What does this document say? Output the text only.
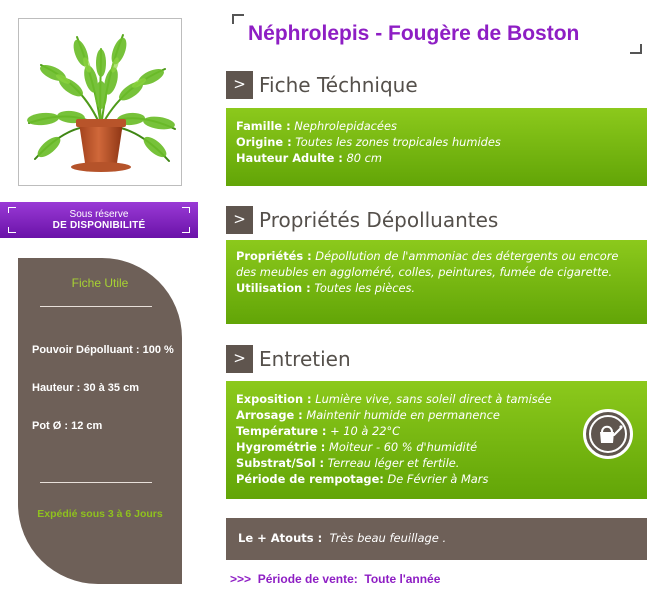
Sous réserve
DE DISPONIBILITÉ
Fiche Utile
Pouvoir Dépolluant : 100 %
Hauteur : 30 à 35 cm
Pot Ø : 12 cm
Expédié sous 3 à 6 Jours
Néphrolepis - Fougère de Boston
> Fiche Téchnique
Famille : Nephrolepidacées
Origine : Toutes les zones tropicales humides
Hauteur Adulte : 80 cm
> Propriétés Dépolluantes
Propriétés : Dépollution de l'ammoniac des détergents ou encore des meubles en aggloméré, colles, peintures, fumée de cigarette.
Utilisation : Toutes les pièces.
> Entretien
Exposition : Lumière vive, sans soleil direct à tamisée
Arrosage : Maintenir humide en permanence
Température : + 10 à 22°C
Hygrométrie : Moiteur - 60 % d'humidité
Substrat/Sol : Terreau léger et fertile.
Période de rempotage: De Février à Mars
Le + Atouts : Très beau feuillage .
>>> Période de vente: Toute l'année
